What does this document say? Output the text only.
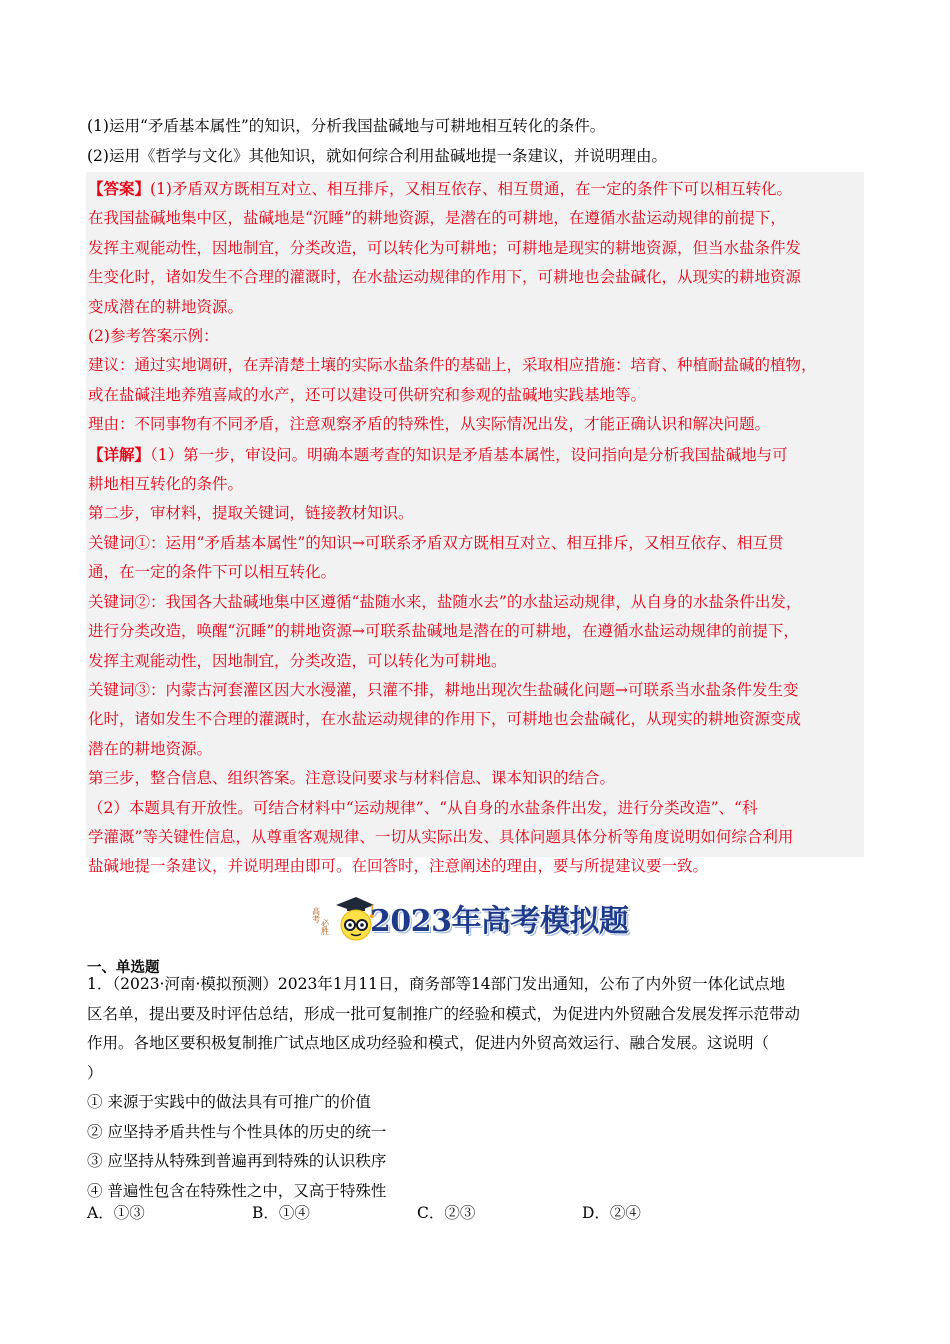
(1)运用“矛盾基本属性”的知识，分析我国盐碱地与可耕地相互转化的条件。
(2)运用《哲学与文化》其他知识，就如何综合利用盐碱地提一条建议，并说明理由。

【答案】(1)矛盾双方既相互对立、相互排斥，又相互依存、相互贯通，在一定的条件下可以相互转化。

在我国盐碱地集中区，盐碱地是“沉睡”的耕地资源，是潜在的可耕地，在遵循水盐运动规律的前提下，

发挥主观能动性，因地制宜，分类改造，可以转化为可耕地；可耕地是现实的耕地资源，但当水盐条件发

生变化时，诸如发生不合理的灌溉时，在水盐运动规律的作用下，可耕地也会盐碱化，从现实的耕地资源

变成潜在的耕地资源。

(2)参考答案示例：

建议：通过实地调研，在弄清楚土壤的实际水盐条件的基础上，采取相应措施：培育、种植耐盐碱的植物，

或在盐碱洼地养殖喜咸的水产，还可以建设可供研究和参观的盐碱地实践基地等。

理由：不同事物有不同矛盾，注意观察矛盾的特殊性，从实际情况出发，才能正确认识和解决问题。

【详解】（1）第一步，审设问。明确本题考查的知识是矛盾基本属性，设问指向是分析我国盐碱地与可

耕地相互转化的条件。

第二步，审材料，提取关键词，链接教材知识。

关键词①：运用“矛盾基本属性”的知识→可联系矛盾双方既相互对立、相互排斥，又相互依存、相互贯

通，在一定的条件下可以相互转化。

关键词②：我国各大盐碱地集中区遵循“盐随水来，盐随水去”的水盐运动规律，从自身的水盐条件出发，

进行分类改造，唤醒“沉睡”的耕地资源→可联系盐碱地是潜在的可耕地，在遵循水盐运动规律的前提下，

发挥主观能动性，因地制宜，分类改造，可以转化为可耕地。

关键词③：内蒙古河套灌区因大水漫灌，只灌不排，耕地出现次生盐碱化问题→可联系当水盐条件发生变

化时，诸如发生不合理的灌溉时，在水盐运动规律的作用下，可耕地也会盐碱化，从现实的耕地资源变成

潜在的耕地资源。

第三步，整合信息、组织答案。注意设问要求与材料信息、课本知识的结合。

（2）本题具有开放性。可结合材料中“运动规律”、“从自身的水盐条件出发，进行分类改造”、“科

学灌溉”等关键性信息，从尊重客观规律、一切从实际出发、具体问题具体分析等角度说明如何综合利用

盐碱地提一条建议，并说明理由即可。在回答时，注意阐述的理由，要与所提建议要一致。

高考
必胜 2023年高考模拟题
一、单选题

1．（2023·河南·模拟预测）2023年1月11日，商务部等14部门发出通知，公布了内外贸一体化试点地

区名单，提出要及时评估总结，形成一批可复制推广的经验和模式，为促进内外贸融合发展发挥示范带动

作用。各地区要积极复制推广试点地区成功经验和模式，促进内外贸高效运行、融合发展。这说明（

）

① 来源于实践中的做法具有可推广的价值

② 应坚持矛盾共性与个性具体的历史的统一

③ 应坚持从特殊到普遍再到特殊的认识秩序

④ 普遍性包含在特殊性之中，又高于特殊性

A．①③	B．①④	C．②③	D．②④
